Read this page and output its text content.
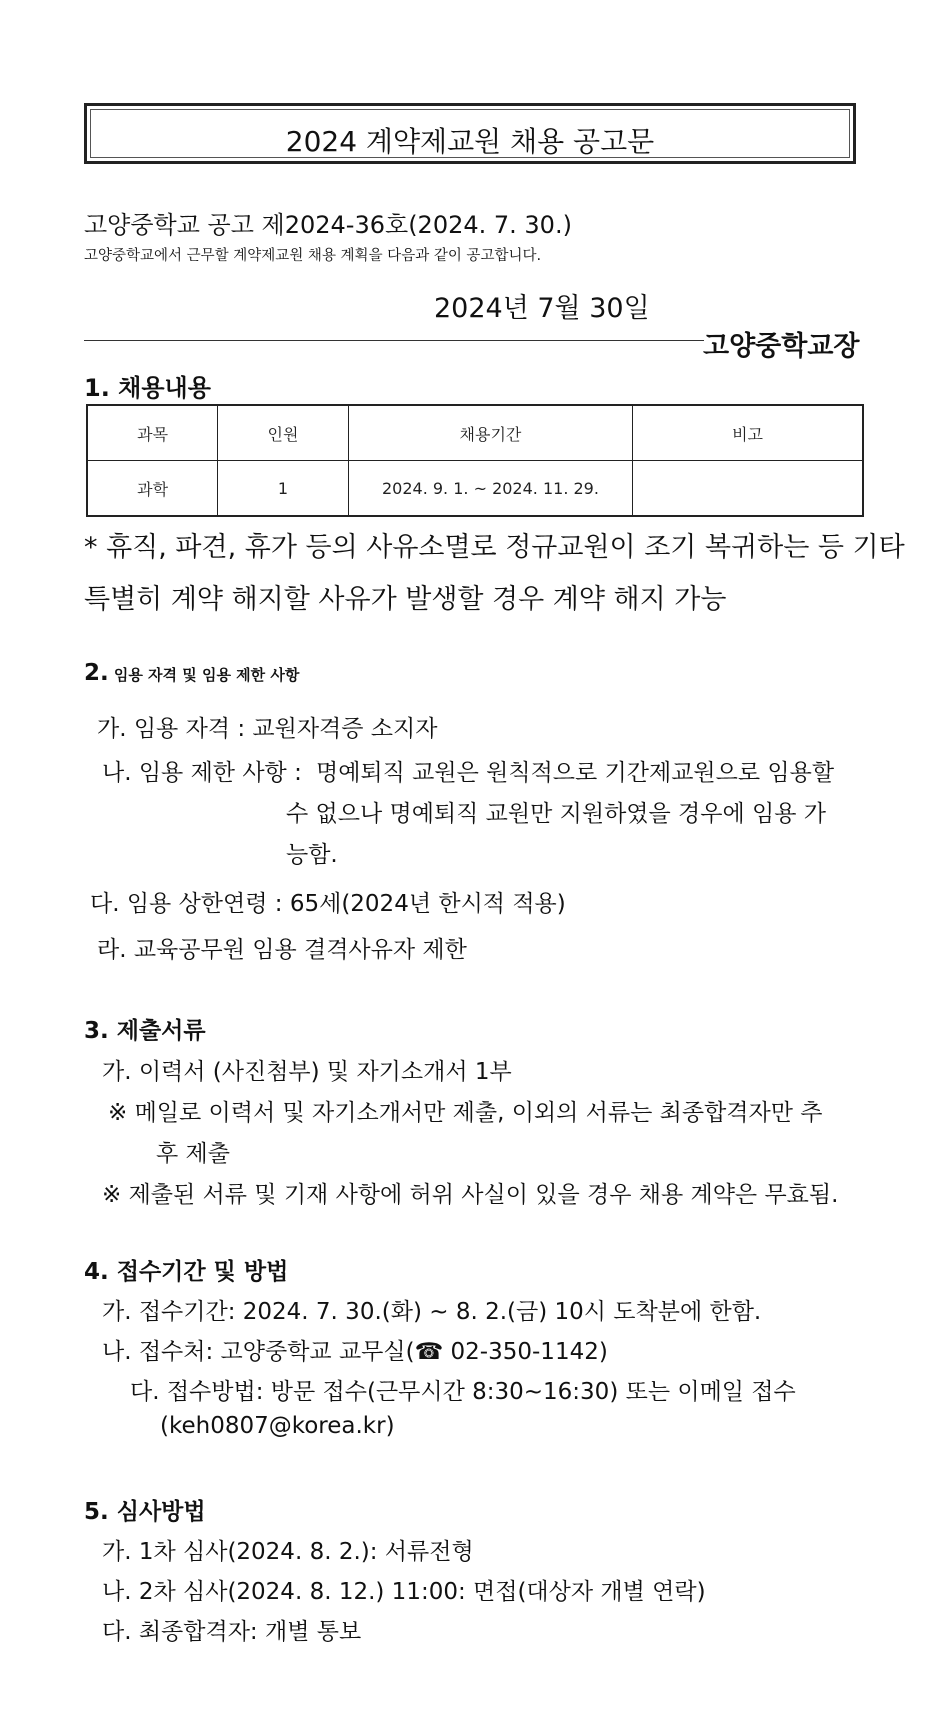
2024 계약제교원 채용 공고문
고양중학교 공고 제2024-36호(2024. 7. 30.)
고양중학교에서 근무할 계약제교원 채용 계획을 다음과 같이 공고합니다.
2024년 7월 30일
고양중학교장
1. 채용내용
과목	인원	채용기간	비고
과학	1	2024. 9. 1. ~ 2024. 11. 29.	
* 휴직, 파견, 휴가 등의 사유소멸로 정규교원이 조기 복귀하는 등 기타
특별히 계약 해지할 사유가 발생할 경우 계약 해지 가능
2. 임용 자격 및 임용 제한 사항
가. 임용 자격 : 교원자격증 소지자
나. 임용 제한 사항 : 명예퇴직 교원은 원칙적으로 기간제교원으로 임용할
수 없으나 명예퇴직 교원만 지원하였을 경우에 임용 가
능함.
다. 임용 상한연령 : 65세(2024년 한시적 적용)
라. 교육공무원 임용 결격사유자 제한
3. 제출서류
가. 이력서 (사진첨부) 및 자기소개서 1부
※ 메일로 이력서 및 자기소개서만 제출, 이외의 서류는 최종합격자만 추
후 제출
※ 제출된 서류 및 기재 사항에 허위 사실이 있을 경우 채용 계약은 무효됨.
4. 접수기간 및 방법
가. 접수기간: 2024. 7. 30.(화) ~ 8. 2.(금) 10시 도착분에 한함.
나. 접수처: 고양중학교 교무실(☎ 02-350-1142)
다. 접수방법: 방문 접수(근무시간 8:30~16:30) 또는 이메일 접수
(keh0807@korea.kr)
5. 심사방법
가. 1차 심사(2024. 8. 2.): 서류전형
나. 2차 심사(2024. 8. 12.) 11:00: 면접(대상자 개별 연락)
다. 최종합격자: 개별 통보
